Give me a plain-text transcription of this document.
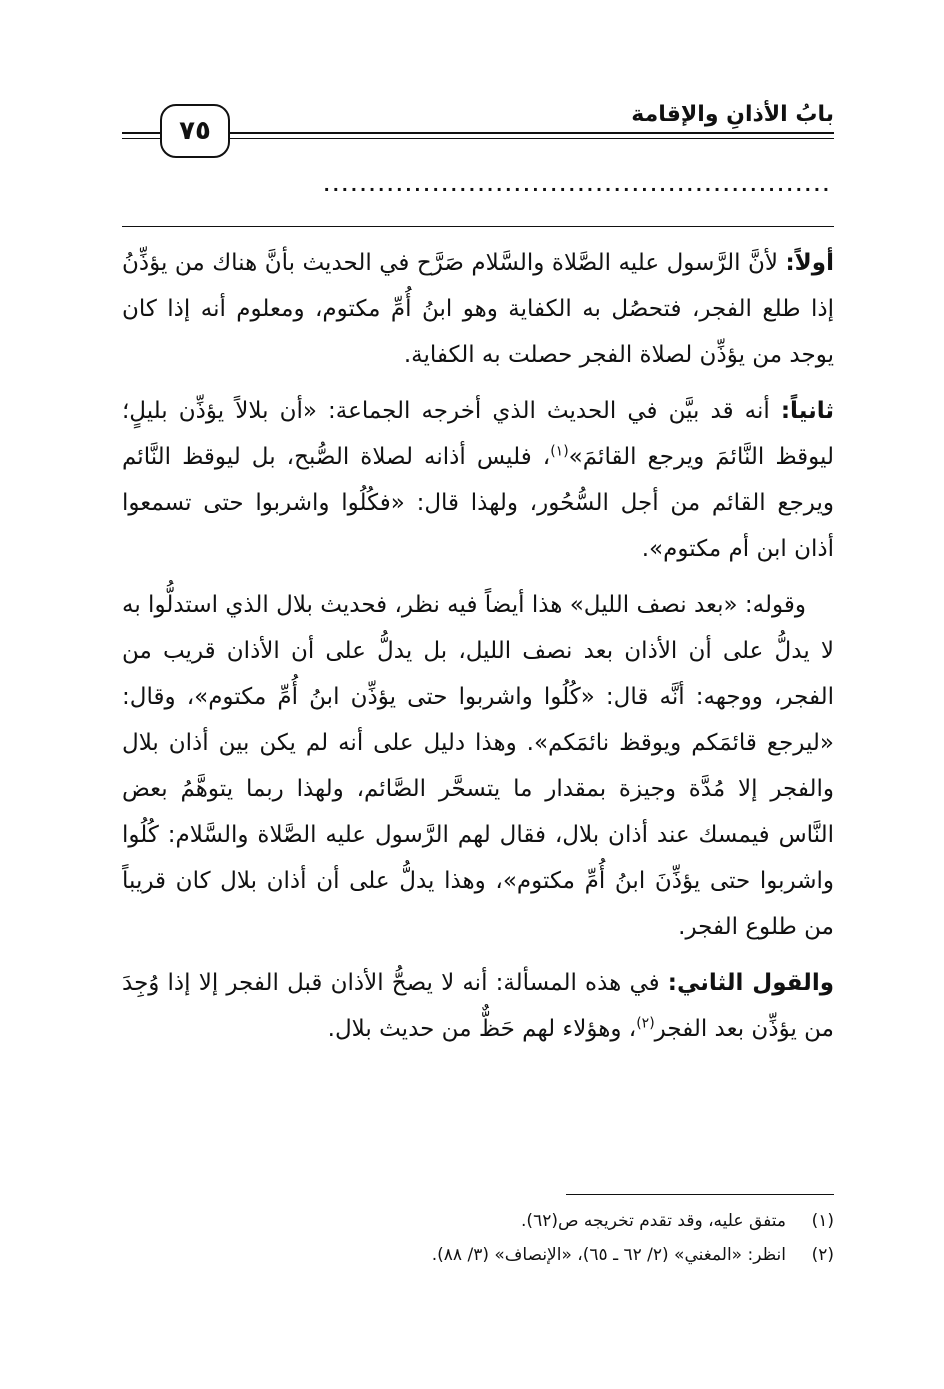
بابُ الأذانِ والإقامة
٧٥
........................................................

أولاً: لأنَّ الرَّسول عليه الصَّلاة والسَّلام صَرَّح في الحديث بأنَّ هناك من يؤذِّنُ إذا طلع الفجر، فتحصُل به الكفاية وهو ابنُ أُمِّ مكتوم، ومعلوم أنه إذا كان يوجد من يؤذِّن لصلاة الفجر حصلت به الكفاية.

ثانياً: أنه قد بيَّن في الحديث الذي أخرجه الجماعة: «أن بلالاً يؤذِّن بليلٍ؛ ليوقظ النَّائمَ ويرجع القائمَ»$^{(١)}$، فليس أذانه لصلاة الصُّبح، بل ليوقظ النَّائم ويرجع القائم من أجل السُّحُور، ولهذا قال: «فكُلُوا واشربوا حتى تسمعوا أذان ابن أم مكتوم».

وقوله: «بعد نصف الليل» هذا أيضاً فيه نظر، فحديث بلال الذي استدلُّوا به لا يدلُّ على أن الأذان بعد نصف الليل، بل يدلُّ على أن الأذان قريب من الفجر، ووجهه: أنَّه قال: «كُلُوا واشربوا حتى يؤذِّن ابنُ أُمِّ مكتوم»، وقال: «ليرجع قائمَكم ويوقظ نائمَكم». وهذا دليل على أنه لم يكن بين أذان بلال والفجر إلا مُدَّة وجيزة بمقدار ما يتسحَّر الصَّائم، ولهذا ربما يتوهَّمُ بعض النَّاس فيمسك عند أذان بلال، فقال لهم الرَّسول عليه الصَّلاة والسَّلام: كُلُوا واشربوا حتى يؤذِّنَ ابنُ أُمِّ مكتوم»، وهذا يدلُّ على أن أذان بلال كان قريباً من طلوع الفجر.

والقول الثاني: في هذه المسألة: أنه لا يصحُّ الأذان قبل الفجر إلا إذا وُجِدَ من يؤذِّن بعد الفجر$^{(٢)}$، وهؤلاء لهم حَظٌّ من حديث بلال.

(١)
متفق عليه، وقد تقدم تخريجه ص(٦٢).
(٢)
انظر: «المغني» (٢/ ٦٢ ـ ٦٥)، «الإنصاف» (٣/ ٨٨).
